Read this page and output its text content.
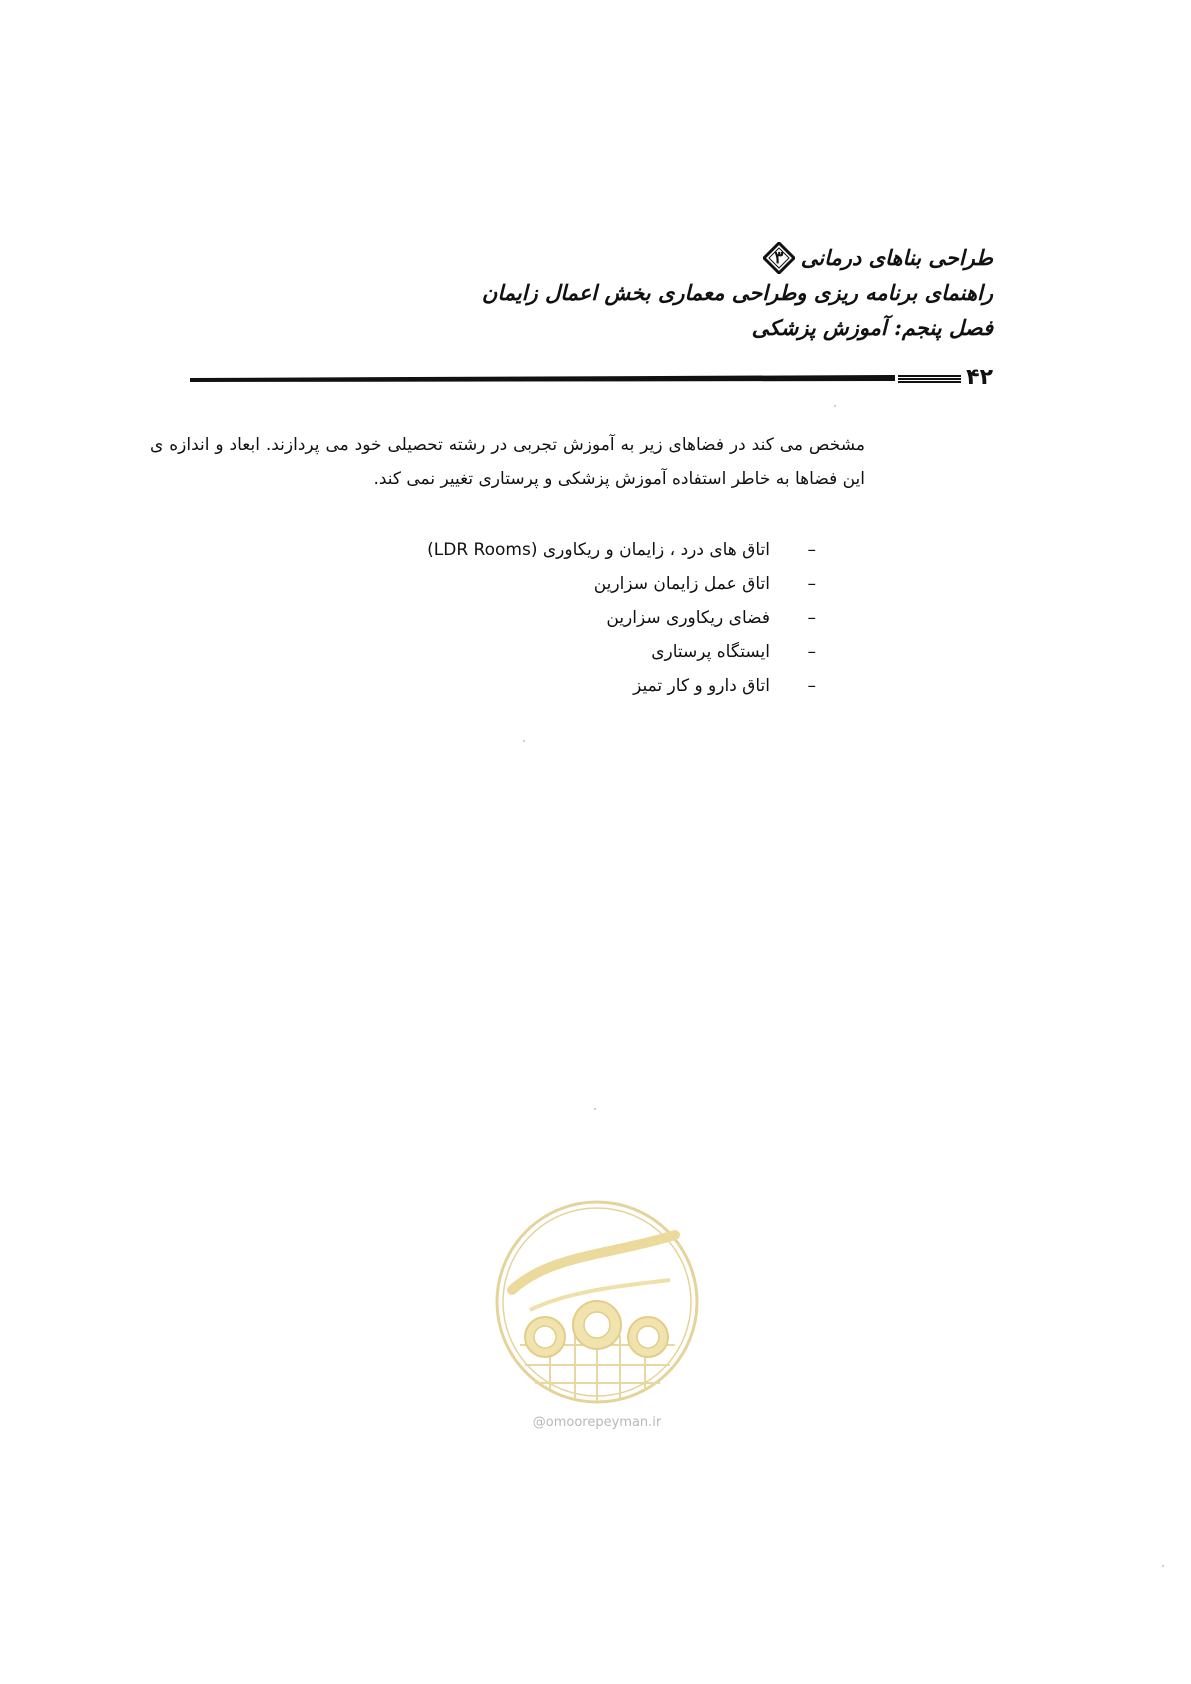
طراحی بناهای درمانی
۳
راهنمای برنامه ریزی وطراحی معماری بخش اعمال زایمان
فصل پنجم: آموزش پزشکی
۴۲

مشخص می کند در فضاهای زیر به آموزش تجربی در رشته تحصیلی خود می پردازند. ابعاد و اندازه ی این فضاها به خاطر استفاده آموزش پزشکی و پرستاری تغییر نمی کند.

–
اتاق های درد ، زایمان و ریکاوری (LDR Rooms)
–
اتاق عمل زایمان سزارین
–
فضای ریکاوری سزارین
–
ایستگاه پرستاری
–
اتاق دارو و کار تمیز
@omoorepeyman.ir
